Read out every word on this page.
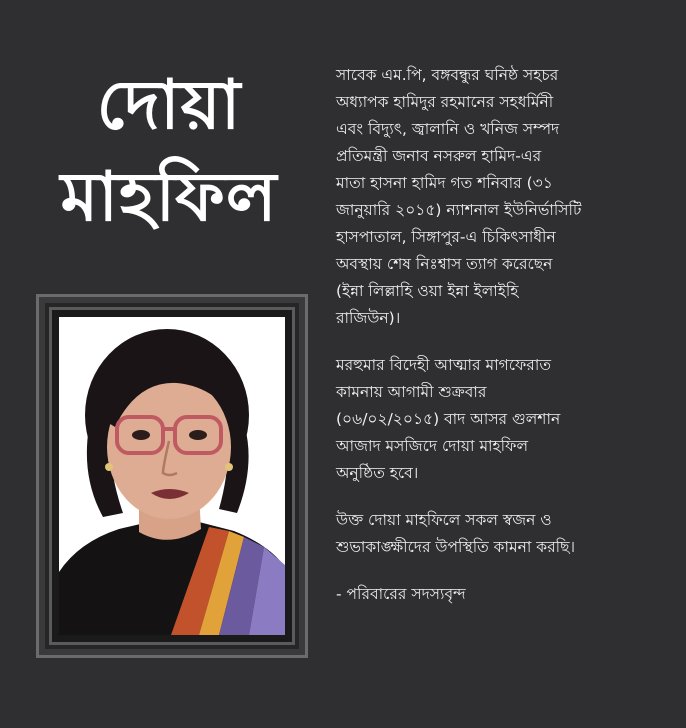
দোয়া
মাহফিল

সাবেক এম.পি, বঙ্গবন্ধুর ঘনিষ্ঠ সহচর
অধ্যাপক হামিদুর রহমানের সহধর্মিনী
এবং বিদ্যুৎ, জ্বালানি ও খনিজ সম্পদ
প্রতিমন্ত্রী জনাব নসরুল হামিদ-এর
মাতা হাসনা হামিদ গত শনিবার (৩১
জানুয়ারি ২০১৫) ন্যাশনাল ইউনির্ভাসিটি
হাসপাতাল, সিঙ্গাপুর-এ চিকিৎসাধীন
অবস্থায় শেষ নিঃশ্বাস ত্যাগ করেছেন
(ইন্না লিল্লাহি ওয়া ইন্না ইলাইহি
রাজিউন)।

মরহুমার বিদেহী আত্মার মাগফেরাত
কামনায় আগামী শুক্রবার
(০৬/০২/২০১৫) বাদ আসর গুলশান
আজাদ মসজিদে দোয়া মাহফিল
অনুষ্ঠিত হবে।

উক্ত দোয়া মাহফিলে সকল স্বজন ও
শুভাকাঙ্ক্ষীদের উপস্থিতি কামনা করছি।

- পরিবারের সদস্যবৃন্দ
